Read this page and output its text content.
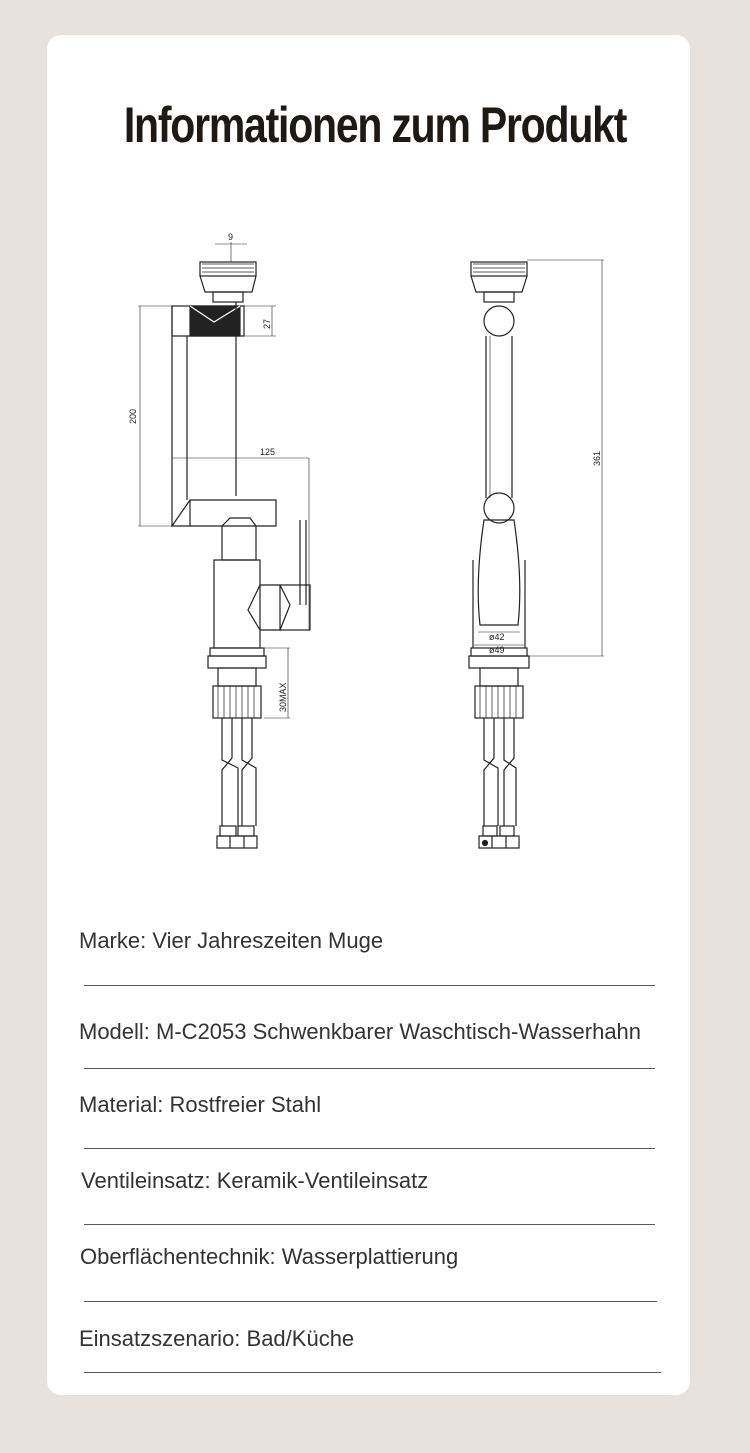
Informationen zum Produkt
9
27
200
125
30MAX
361
ø42
ø49
Marke: Vier Jahreszeiten Muge
Modell: M-C2053 Schwenkbarer Waschtisch-Wasserhahn
Material: Rostfreier Stahl
Ventileinsatz: Keramik-Ventileinsatz
Oberflächentechnik: Wasserplattierung
Einsatzszenario: Bad/Küche
